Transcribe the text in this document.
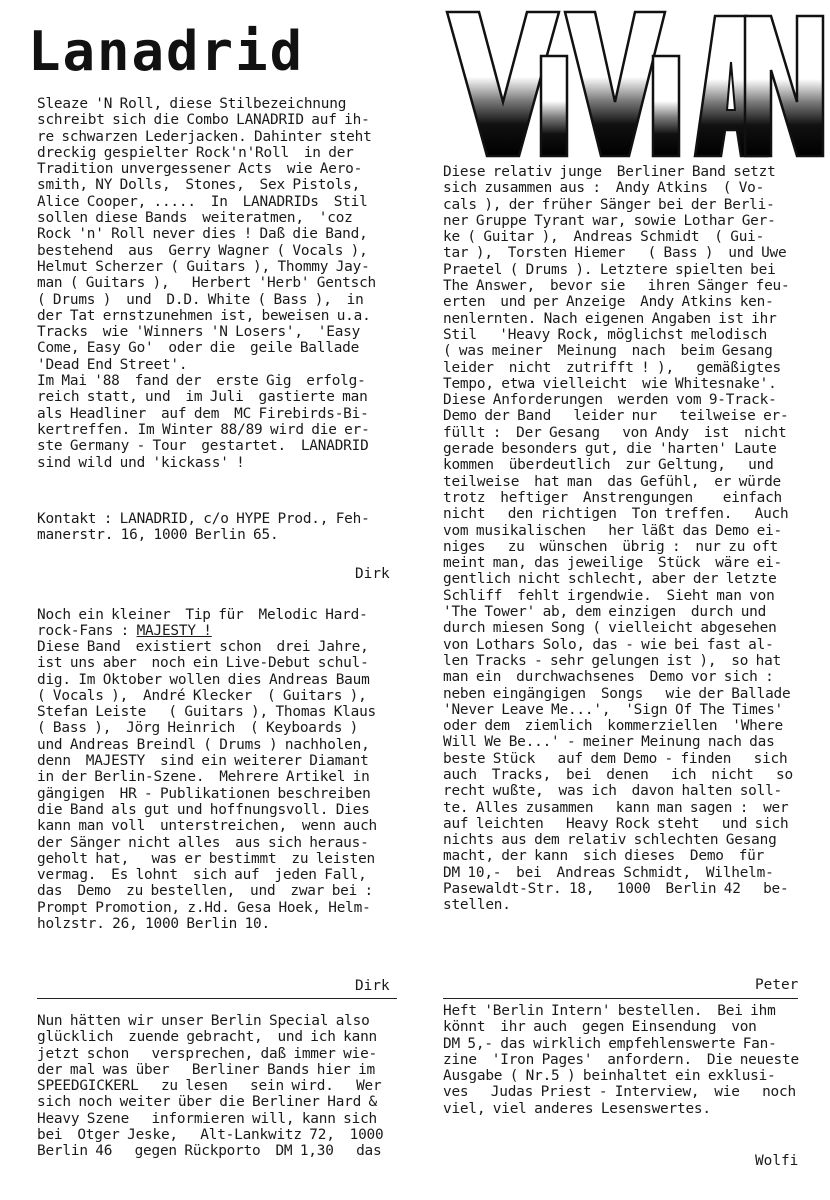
Lanadrid

Sleaze 'N Roll, diese Stilbezeichnung
schreibt sich die Combo LANADRID auf ih-
re schwarzen Lederjacken. Dahinter steht
dreckig gespielter Rock'n'Roll  in der
Tradition unvergessener Acts  wie Aero-
smith, NY Dolls,  Stones,  Sex Pistols,
Alice Cooper, .....  In  LANADRIDs  Stil
sollen diese Bands  weiteratmen,  'coz
Rock 'n' Roll never dies ! Daß die Band,
bestehend  aus  Gerry Wagner ( Vocals ),
Helmut Scherzer ( Guitars ), Thommy Jay-
man ( Guitars ),   Herbert 'Herb' Gentsch
( Drums )  und  D.D. White ( Bass ),  in
der Tat ernstzunehmen ist, beweisen u.a.
Tracks  wie 'Winners 'N Losers',  'Easy
Come, Easy Go'  oder die  geile Ballade
'Dead End Street'.
Im Mai '88  fand der  erste Gig  erfolg-
reich statt, und  im Juli  gastierte man
als Headliner  auf dem  MC Firebirds-Bi-
kertreffen. Im Winter 88/89 wird die er-
ste Germany - Tour  gestartet.  LANADRID
sind wild und 'kickass' !

Kontakt : LANADRID, c/o HYPE Prod., Feh-
manerstr. 16, 1000 Berlin 65.

Dirk

Noch ein kleiner  Tip für  Melodic Hard-
rock-Fans : MAJESTY !

Diese Band  existiert schon  drei Jahre,
ist uns aber  noch ein Live-Debut schul-
dig. Im Oktober wollen dies Andreas Baum
( Vocals ),  André Klecker  ( Guitars ),
Stefan Leiste   ( Guitars ), Thomas Klaus
( Bass ),  Jörg Heinrich  ( Keyboards )
und Andreas Breindl ( Drums ) nachholen,
denn  MAJESTY  sind ein weiterer Diamant
in der Berlin-Szene.  Mehrere Artikel in
gängigen  HR - Publikationen beschreiben
die Band als gut und hoffnungsvoll. Dies
kann man voll  unterstreichen,  wenn auch
der Sänger nicht alles  aus sich heraus-
geholt hat,   was er bestimmt  zu leisten
vermag.  Es lohnt  sich auf  jeden Fall,
das  Demo  zu bestellen,  und  zwar bei :
Prompt Promotion, z.Hd. Gesa Hoek, Helm-
holzstr. 26, 1000 Berlin 10.

Dirk

Diese relativ junge  Berliner Band setzt
sich zusammen aus :  Andy Atkins  ( Vo-
cals ), der früher Sänger bei der Berli-
ner Gruppe Tyrant war, sowie Lothar Ger-
ke ( Guitar ),  Andreas Schmidt  ( Gui-
tar ),  Torsten Hiemer   ( Bass )  und Uwe
Praetel ( Drums ). Letztere spielten bei
The Answer,  bevor sie   ihren Sänger feu-
erten  und per Anzeige  Andy Atkins ken-
nenlernten. Nach eigenen Angaben ist ihr
Stil   'Heavy Rock, möglichst melodisch
( was meiner  Meinung  nach  beim Gesang
leider  nicht  zutrifft ! ),   gemäßigtes
Tempo, etwa vielleicht  wie Whitesnake'.
Diese Anforderungen  werden vom 9-Track-
Demo der Band   leider nur   teilweise er-
füllt :  Der Gesang   von Andy  ist  nicht
gerade besonders gut, die 'harten' Laute
kommen  überdeutlich  zur Geltung,   und
teilweise  hat man  das Gefühl,  er würde
trotz  heftiger  Anstrengungen    einfach
nicht   den richtigen  Ton treffen.   Auch
vom musikalischen   her läßt das Demo ei-
niges   zu  wünschen  übrig :  nur zu oft
meint man, das jeweilige  Stück  wäre ei-
gentlich nicht schlecht, aber der letzte
Schliff  fehlt irgendwie.  Sieht man von
'The Tower' ab, dem einzigen  durch und
durch miesen Song ( vielleicht abgesehen
von Lothars Solo, das - wie bei fast al-
len Tracks - sehr gelungen ist ),  so hat
man ein  durchwachsenes  Demo vor sich :
neben eingängigen  Songs   wie der Ballade
'Never Leave Me...',  'Sign Of The Times'
oder dem  ziemlich  kommerziellen  'Where
Will We Be...' - meiner Meinung nach das
beste Stück   auf dem Demo - finden   sich
auch  Tracks,  bei  denen   ich  nicht   so
recht wußte,  was ich  davon halten soll-
te. Alles zusammen   kann man sagen :  wer
auf leichten   Heavy Rock steht   und sich
nichts aus dem relativ schlechten Gesang
macht, der kann  sich dieses  Demo  für
DM 10,-  bei  Andreas Schmidt,  Wilhelm-
Pasewaldt-Str. 18,   1000  Berlin 42   be-
stellen.

Peter

Nun hätten wir unser Berlin Special also
glücklich  zuende gebracht,  und ich kann
jetzt schon   versprechen, daß immer wie-
der mal was über   Berliner Bands hier im
SPEEDGICKERL   zu lesen   sein wird.   Wer
sich noch weiter über die Berliner Hard &
Heavy Szene   informieren will, kann sich
bei  Otger Jeske,   Alt-Lankwitz 72,  1000
Berlin 46   gegen Rückporto  DM 1,30   das

Heft 'Berlin Intern' bestellen.  Bei ihm
könnt  ihr auch  gegen Einsendung  von
DM 5,- das wirklich empfehlenswerte Fan-
zine  'Iron Pages'  anfordern.  Die neueste
Ausgabe ( Nr.5 ) beinhaltet ein exklusi-
ves   Judas Priest - Interview,  wie   noch
viel, viel anderes Lesenswertes.

Wolfi
